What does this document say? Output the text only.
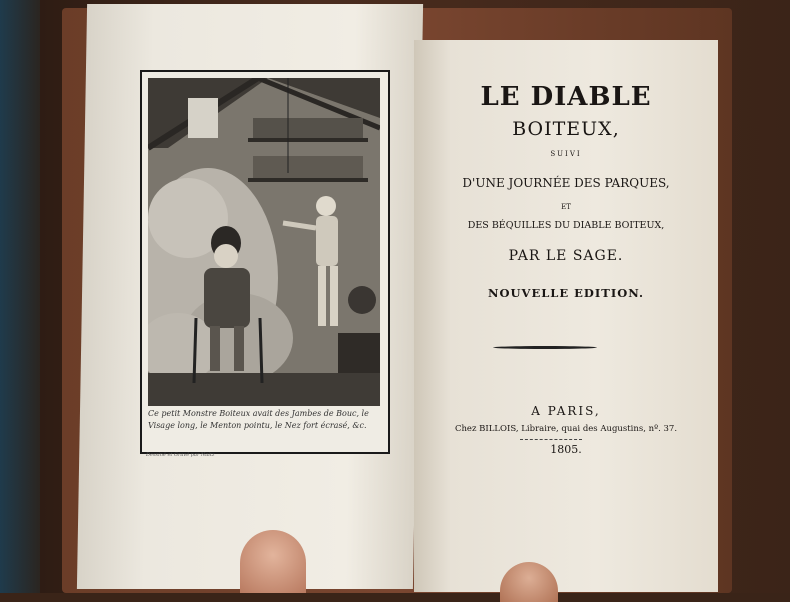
Ce petit Monstre Boiteux avait des Jambes de Bouc, le Visage long, le Menton pointu, le Nez fort écrasé, &c.
Dessiné et Gravé par Naitz
LE DIABLE
BOITEUX,
SUIVI
D'UNE JOURNÉE DES PARQUES,
ET
DES BÉQUILLES DU DIABLE BOITEUX,
PAR LE SAGE.
NOUVELLE EDITION.
A PARIS,
Chez BILLOIS, Libraire, quai des Augustins, nº. 37.
1805.
